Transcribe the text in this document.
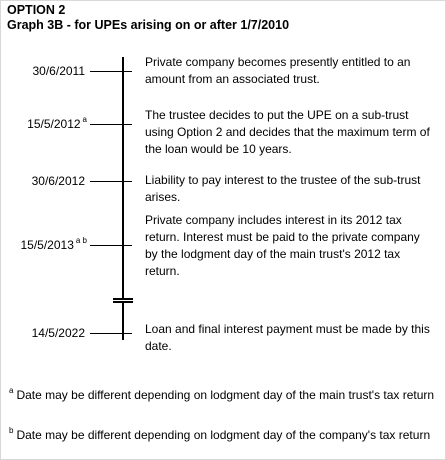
OPTION 2
Graph 3B - for UPEs arising on or after 1/7/2010
30/6/2011
15/5/2012 $^a$
30/6/2012
15/5/2013 $^{a b}$
14/5/2022
Private company becomes presently entitled to an amount from an associated trust.
The trustee decides to put the UPE on a sub-trust using Option 2 and decides that the maximum term of the loan would be 10 years.
Liability to pay interest to the trustee of the sub-trust arises.
Private company includes interest in its 2012 tax return. Interest must be paid to the private company by the lodgment day of the main trust's 2012 tax return.
Loan and final interest payment must be made by this date.
$^a$ Date may be different depending on lodgment day of the main trust's tax return
$^b$ Date may be different depending on lodgment day of the company's tax return
